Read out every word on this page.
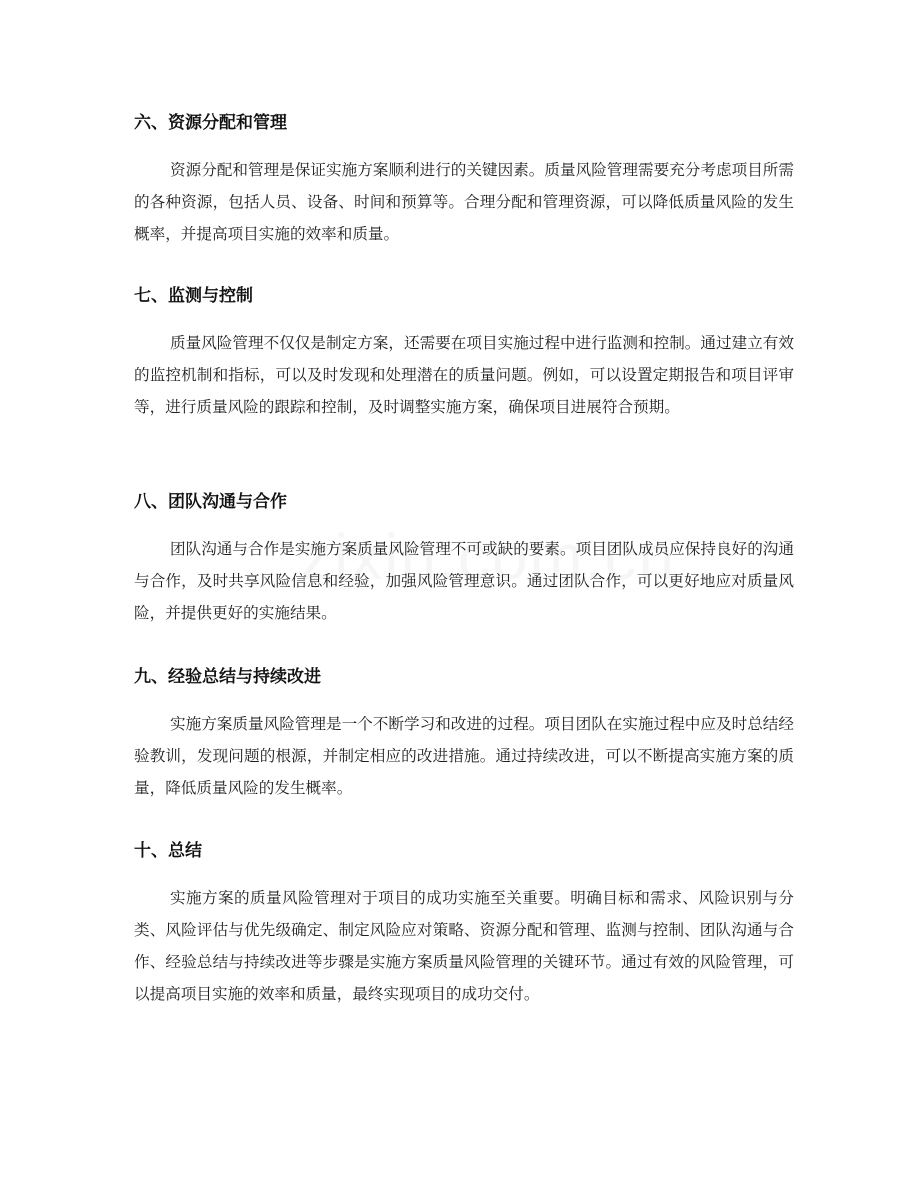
六、资源分配和管理

资源分配和管理是保证实施方案顺利进行的关键因素。质量风险管理需要充分考虑项目所需的各种资源，包括人员、设备、时间和预算等。合理分配和管理资源，可以降低质量风险的发生概率，并提高项目实施的效率和质量。

七、监测与控制

质量风险管理不仅仅是制定方案，还需要在项目实施过程中进行监测和控制。通过建立有效的监控机制和指标，可以及时发现和处理潜在的质量问题。例如，可以设置定期报告和项目评审等，进行质量风险的跟踪和控制，及时调整实施方案，确保项目进展符合预期。

八、团队沟通与合作

团队沟通与合作是实施方案质量风险管理不可或缺的要素。项目团队成员应保持良好的沟通与合作，及时共享风险信息和经验，加强风险管理意识。通过团队合作，可以更好地应对质量风险，并提供更好的实施结果。

九、经验总结与持续改进

实施方案质量风险管理是一个不断学习和改进的过程。项目团队在实施过程中应及时总结经验教训，发现问题的根源，并制定相应的改进措施。通过持续改进，可以不断提高实施方案的质量，降低质量风险的发生概率。

十、总结

实施方案的质量风险管理对于项目的成功实施至关重要。明确目标和需求、风险识别与分类、风险评估与优先级确定、制定风险应对策略、资源分配和管理、监测与控制、团队沟通与合作、经验总结与持续改进等步骤是实施方案质量风险管理的关键环节。通过有效的风险管理，可以提高项目实施的效率和质量，最终实现项目的成功交付。
